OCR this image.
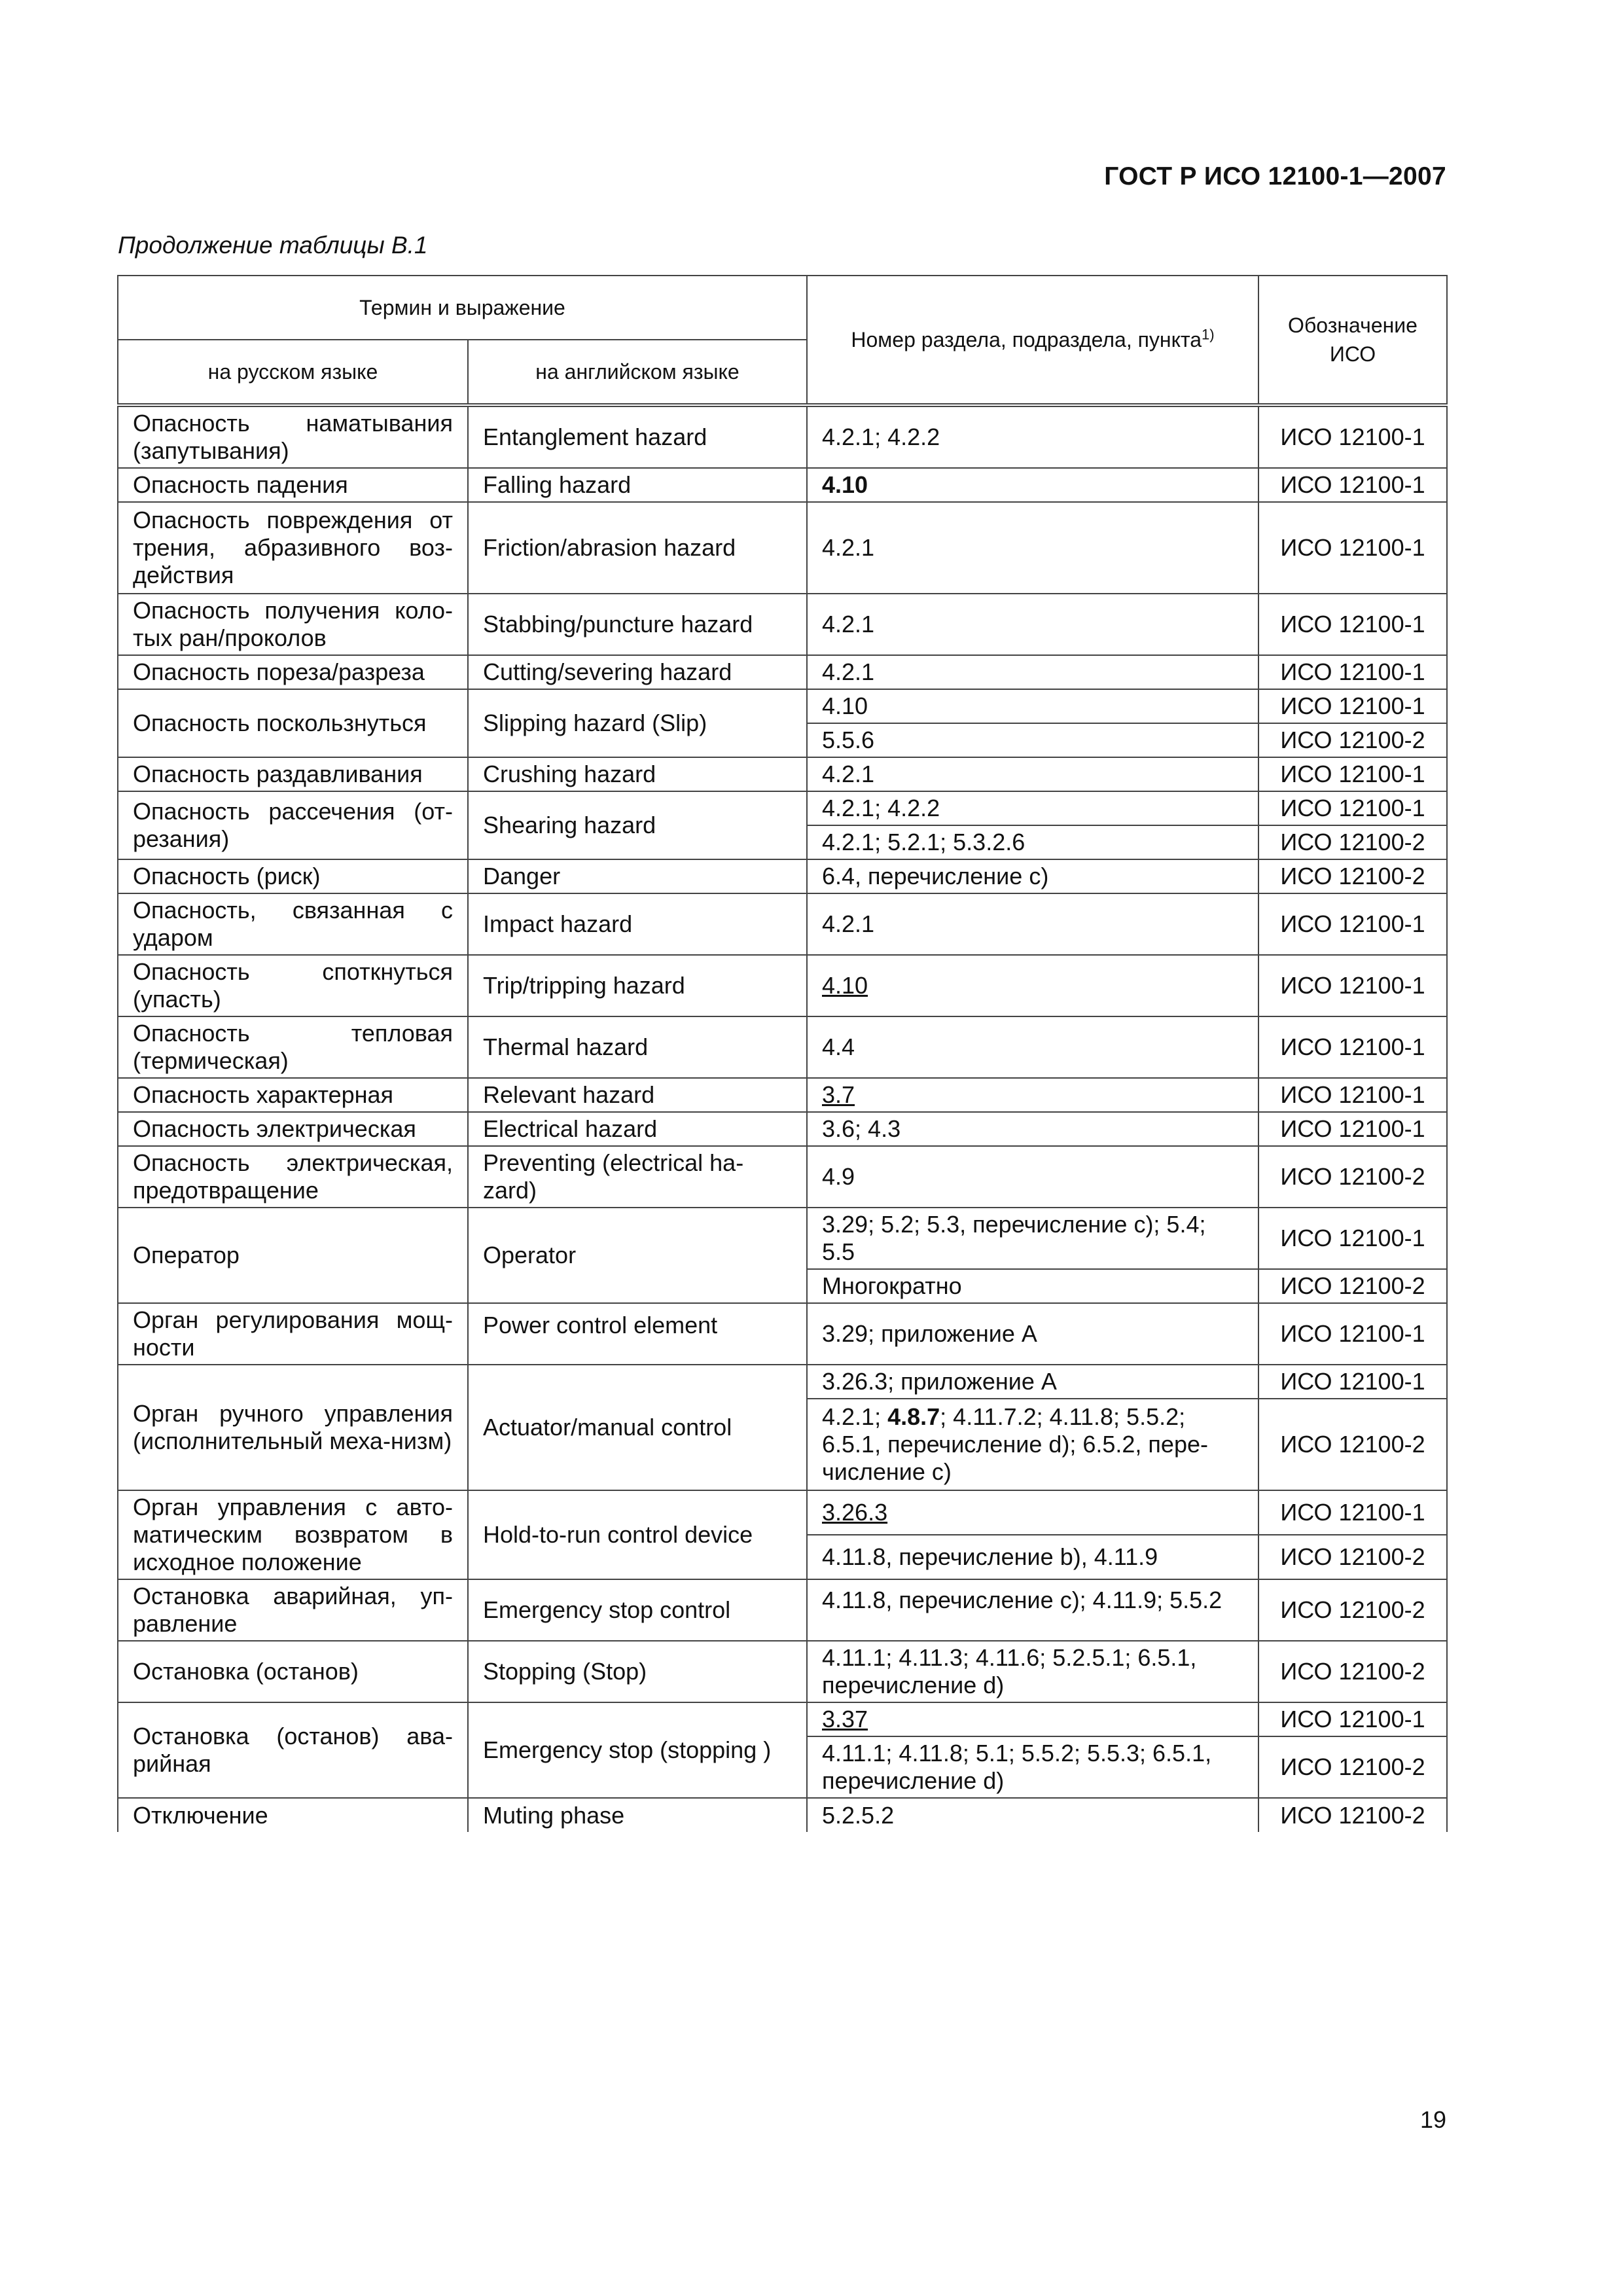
ГОСТ Р ИСО 12100-1—2007
Продолжение таблицы В.1
Термин и выражение		Номер раздела, подраздела, пункта$^{1)}$	Обозначение
ИСО
на русском языке	на английском языке		
Опасность наматывания (запутывания)	Entanglement hazard	4.2.1; 4.2.2	ИСО 12100-1
Опасность падения	Falling hazard	4.10	ИСО 12100-1
Опасность повреждения от трения, абразивного воз-действия	Friction/abrasion hazard	4.2.1	ИСО 12100-1
Опасность получения коло-тых ран/проколов	Stabbing/puncture hazard	4.2.1	ИСО 12100-1
Опасность пореза/разреза	Cutting/severing hazard	4.2.1	ИСО 12100-1
Опасность поскользнуться	Slipping hazard (Slip)	4.10	ИСО 12100-1
		5.5.6	ИСО 12100-2
Опасность раздавливания	Crushing hazard	4.2.1	ИСО 12100-1
Опасность рассечения (от-резания)	Shearing hazard	4.2.1; 4.2.2	ИСО 12100-1
		4.2.1; 5.2.1; 5.3.2.6	ИСО 12100-2
Опасность (риск)	Danger	6.4, перечисление с)	ИСО 12100-2
Опасность, связанная с ударом	Impact hazard	4.2.1	ИСО 12100-1
Опасность споткнуться (упасть)	Trip/tripping hazard	4.10	ИСО 12100-1
Опасность тепловая (термическая)	Thermal hazard	4.4	ИСО 12100-1
Опасность характерная	Relevant hazard	3.7	ИСО 12100-1
Опасность электрическая	Electrical hazard	3.6; 4.3	ИСО 12100-1
Опасность электрическая, предотвращение	Preventing (electrical ha-zard)	4.9	ИСО 12100-2
Оператор	Operator	3.29; 5.2; 5.3, перечисление с); 5.4; 5.5	ИСО 12100-1
		Многократно	ИСО 12100-2
Орган регулирования мощ-ности	Power control element	3.29; приложение А	ИСО 12100-1
Орган ручного управления (исполнительный меха-низм)	Actuator/manual control	3.26.3; приложение А	ИСО 12100-1
		4.2.1; 4.8.7; 4.11.7.2; 4.11.8; 5.5.2; 6.5.1, перечисление d); 6.5.2, пере-числение с)	ИСО 12100-2
Орган управления с авто-матическим возвратом в исходное положение	Hold-to-run control device	3.26.3	ИСО 12100-1
		4.11.8, перечисление b), 4.11.9	ИСО 12100-2
Остановка аварийная, уп-равление	Emergency stop control	4.11.8, перечисление с); 4.11.9; 5.5.2	ИСО 12100-2
Остановка (останов)	Stopping (Stop)	4.11.1; 4.11.3; 4.11.6; 5.2.5.1; 6.5.1, перечисление d)	ИСО 12100-2
Остановка (останов) ава-рийная	Emergency stop (stopping )	3.37	ИСО 12100-1
		4.11.1; 4.11.8; 5.1; 5.5.2; 5.5.3; 6.5.1, перечисление d)	ИСО 12100-2
Отключение	Muting phase	5.2.5.2	ИСО 12100-2
19
